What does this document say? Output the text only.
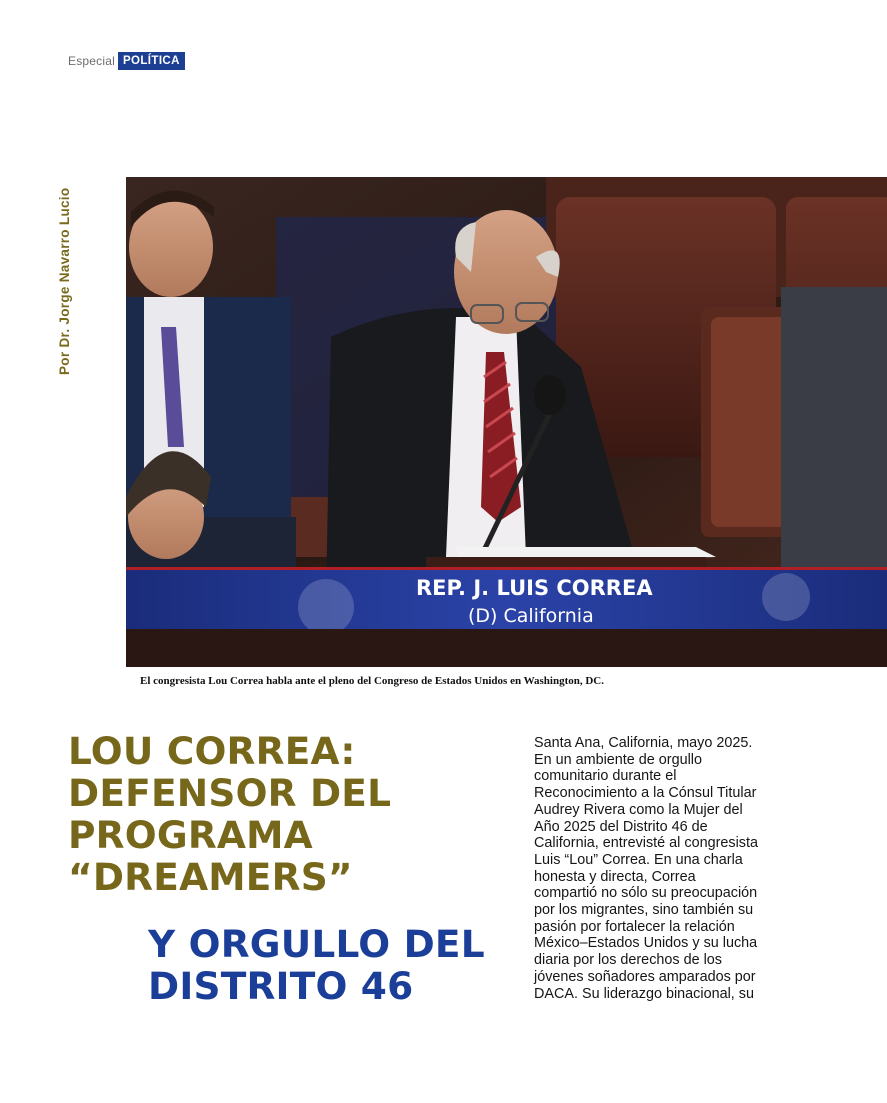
Especial POLÍTICA
Por Dr. Jorge Navarro Lucio
REP. J. LUIS CORREA
(D) California
El congresista Lou Correa habla ante el pleno del Congreso de Estados Unidos en Washington, DC.
LOU CORREA:
DEFENSOR DEL
PROGRAMA
“DREAMERS”
Y ORGULLO DEL
DISTRITO 46
Santa Ana, California, mayo 2025.
En un ambiente de orgullo
comunitario durante el
Reconocimiento a la Cónsul Titular
Audrey Rivera como la Mujer del
Año 2025 del Distrito 46 de
California, entrevisté al congresista
Luis “Lou” Correa. En una charla
honesta y directa, Correa
compartió no sólo su preocupación
por los migrantes, sino también su
pasión por fortalecer la relación
México–Estados Unidos y su lucha
diaria por los derechos de los
jóvenes soñadores amparados por
DACA. Su liderazgo binacional, su
